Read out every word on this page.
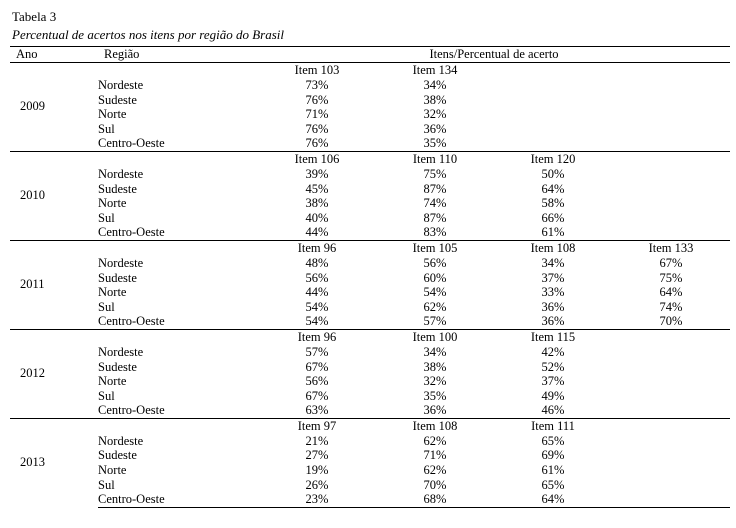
Tabela 3
Percentual de acertos nos itens por região do Brasil
Ano	Região	Itens/Percentual de acerto			

2009		Item 103	Item 134		
	Nordeste	73%	34%		
	Sudeste	76%	38%		
	Norte	71%	32%		
	Sul	76%	36%		
	Centro-Oeste	76%	35%		

2010		Item 106	Item 110	Item 120	
	Nordeste	39%	75%	50%	
	Sudeste	45%	87%	64%	
	Norte	38%	74%	58%	
	Sul	40%	87%	66%	
	Centro-Oeste	44%	83%	61%	

2011		Item 96	Item 105	Item 108	Item 133
	Nordeste	48%	56%	34%	67%
	Sudeste	56%	60%	37%	75%
	Norte	44%	54%	33%	64%
	Sul	54%	62%	36%	74%
	Centro-Oeste	54%	57%	36%	70%

2012		Item 96	Item 100	Item 115	
	Nordeste	57%	34%	42%	
	Sudeste	67%	38%	52%	
	Norte	56%	32%	37%	
	Sul	67%	35%	49%	
	Centro-Oeste	63%	36%	46%	

2013		Item 97	Item 108	Item 111	
	Nordeste	21%	62%	65%	
	Sudeste	27%	71%	69%	
	Norte	19%	62%	61%	
	Sul	26%	70%	65%	
	Centro-Oeste	23%	68%	64%	
